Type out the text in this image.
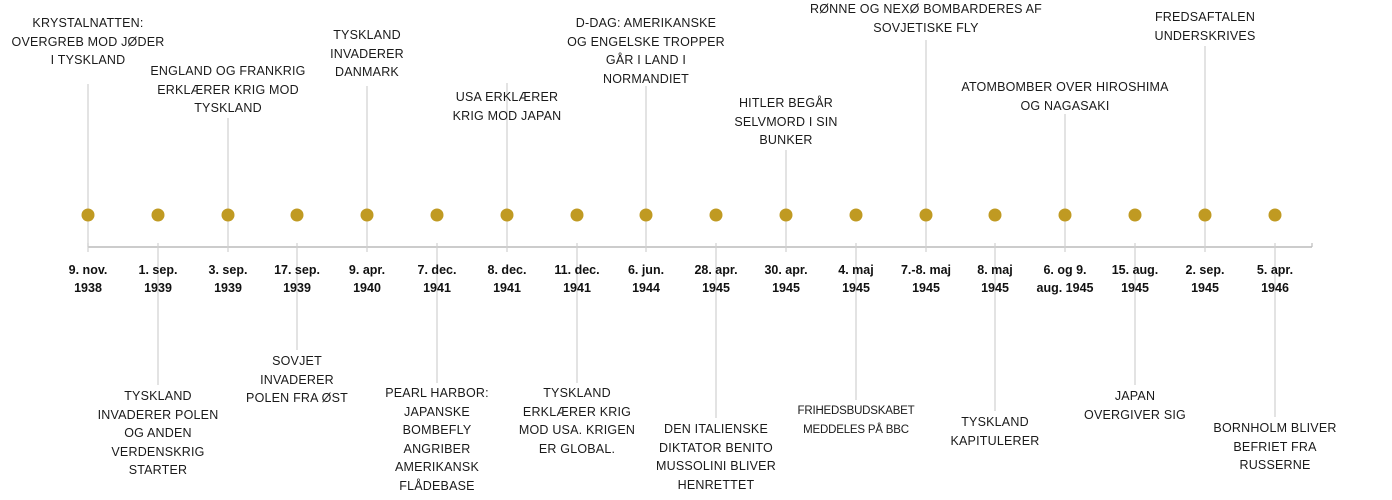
9. nov.
1938
KRYSTALNATTEN:
OVERGREB MOD JØDER
I TYSKLAND
1. sep.
1939
TYSKLAND
INVADERER POLEN
OG ANDEN
VERDENSKRIG
STARTER
3. sep.
1939
ENGLAND OG FRANKRIG
ERKLÆRER KRIG MOD
TYSKLAND
17. sep.
1939
SOVJET
INVADERER
POLEN FRA ØST
9. apr.
1940
TYSKLAND
INVADERER
DANMARK
7. dec.
1941
PEARL HARBOR:
JAPANSKE
BOMBEFLY
ANGRIBER
AMERIKANSK
FLÅDEBASE
8. dec.
1941
USA ERKLÆRER
KRIG MOD JAPAN
11. dec.
1941
TYSKLAND
ERKLÆRER KRIG
MOD USA. KRIGEN
ER GLOBAL.
6. jun.
1944
D-DAG: AMERIKANSKE
OG ENGELSKE TROPPER
GÅR I LAND I
NORMANDIET
28. apr.
1945
DEN ITALIENSKE
DIKTATOR BENITO
MUSSOLINI BLIVER
HENRETTET
30. apr.
1945
HITLER BEGÅR
SELVMORD I SIN
BUNKER
4. maj
1945
FRIHEDSBUDSKABET
MEDDELES PÅ BBC
7.-8. maj
1945
RØNNE OG NEXØ BOMBARDERES AF
SOVJETISKE FLY
8. maj
1945
TYSKLAND
KAPITULERER
6. og 9.
aug. 1945
ATOMBOMBER OVER HIROSHIMA
OG NAGASAKI
15. aug.
1945
JAPAN
OVERGIVER SIG
2. sep.
1945
FREDSAFTALEN
UNDERSKRIVES
5. apr.
1946
BORNHOLM BLIVER
BEFRIET FRA
RUSSERNE
